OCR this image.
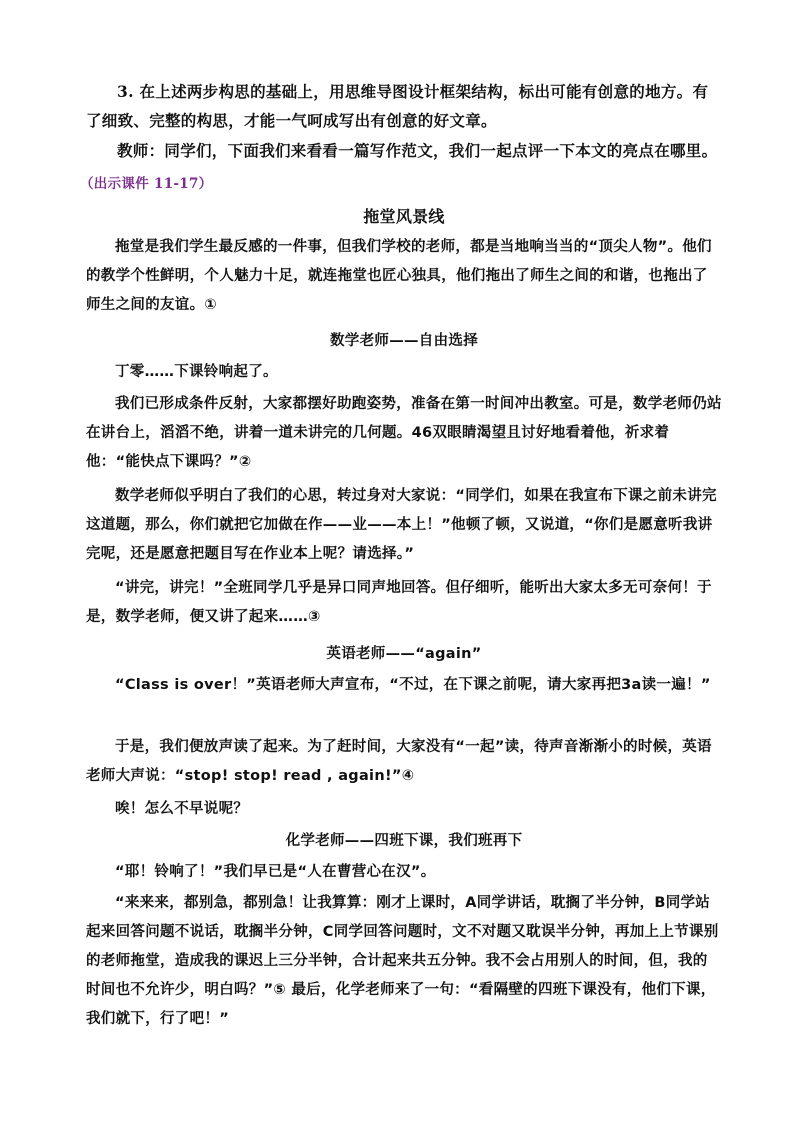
3. 在上述两步构思的基础上，用思维导图设计框架结构，标出可能有创意的地方。有了细致、完整的构思，才能一气呵成写出有创意的好文章。

教师：同学们，下面我们来看看一篇写作范文，我们一起点评一下本文的亮点在哪里。

（出示课件 11-17）

拖堂风景线

拖堂是我们学生最反感的一件事，但我们学校的老师，都是当地响当当的“顶尖人物”。他们的教学个性鲜明，个人魅力十足，就连拖堂也匠心独具，他们拖出了师生之间的和谐，也拖出了师生之间的友谊。①

数学老师——自由选择

丁零……下课铃响起了。

我们已形成条件反射，大家都摆好助跑姿势，准备在第一时间冲出教室。可是，数学老师仍站在讲台上，滔滔不绝，讲着一道未讲完的几何题。46双眼睛渴望且讨好地看着他，祈求着他：“能快点下课吗？”②

数学老师似乎明白了我们的心思，转过身对大家说：“同学们，如果在我宣布下课之前未讲完这道题，那么，你们就把它加做在作——业——本上！”他顿了顿，又说道，“你们是愿意听我讲完呢，还是愿意把题目写在作业本上呢？请选择。”

“讲完，讲完！”全班同学几乎是异口同声地回答。但仔细听，能听出大家太多无可奈何！于是，数学老师，便又讲了起来……③

英语老师——“again”

“Class is over！”英语老师大声宣布，“不过，在下课之前呢，请大家再把3a读一遍！”

于是，我们便放声读了起来。为了赶时间，大家没有“一起”读，待声音渐渐小的时候，英语老师大声说：“stop! stop! read , again!”④

唉！怎么不早说呢？

化学老师——四班下课，我们班再下

“耶！铃响了！”我们早已是“人在曹营心在汉”。

“来来来，都别急，都别急！让我算算：刚才上课时，A同学讲话，耽搁了半分钟，B同学站起来回答问题不说话，耽搁半分钟，C同学回答问题时，文不对题又耽误半分钟，再加上上节课别的老师拖堂，造成我的课迟上三分半钟，合计起来共五分钟。我不会占用别人的时间，但，我的时间也不允许少，明白吗？”⑤ 最后，化学老师来了一句：“看隔壁的四班下课没有，他们下课，我们就下，行了吧！”
